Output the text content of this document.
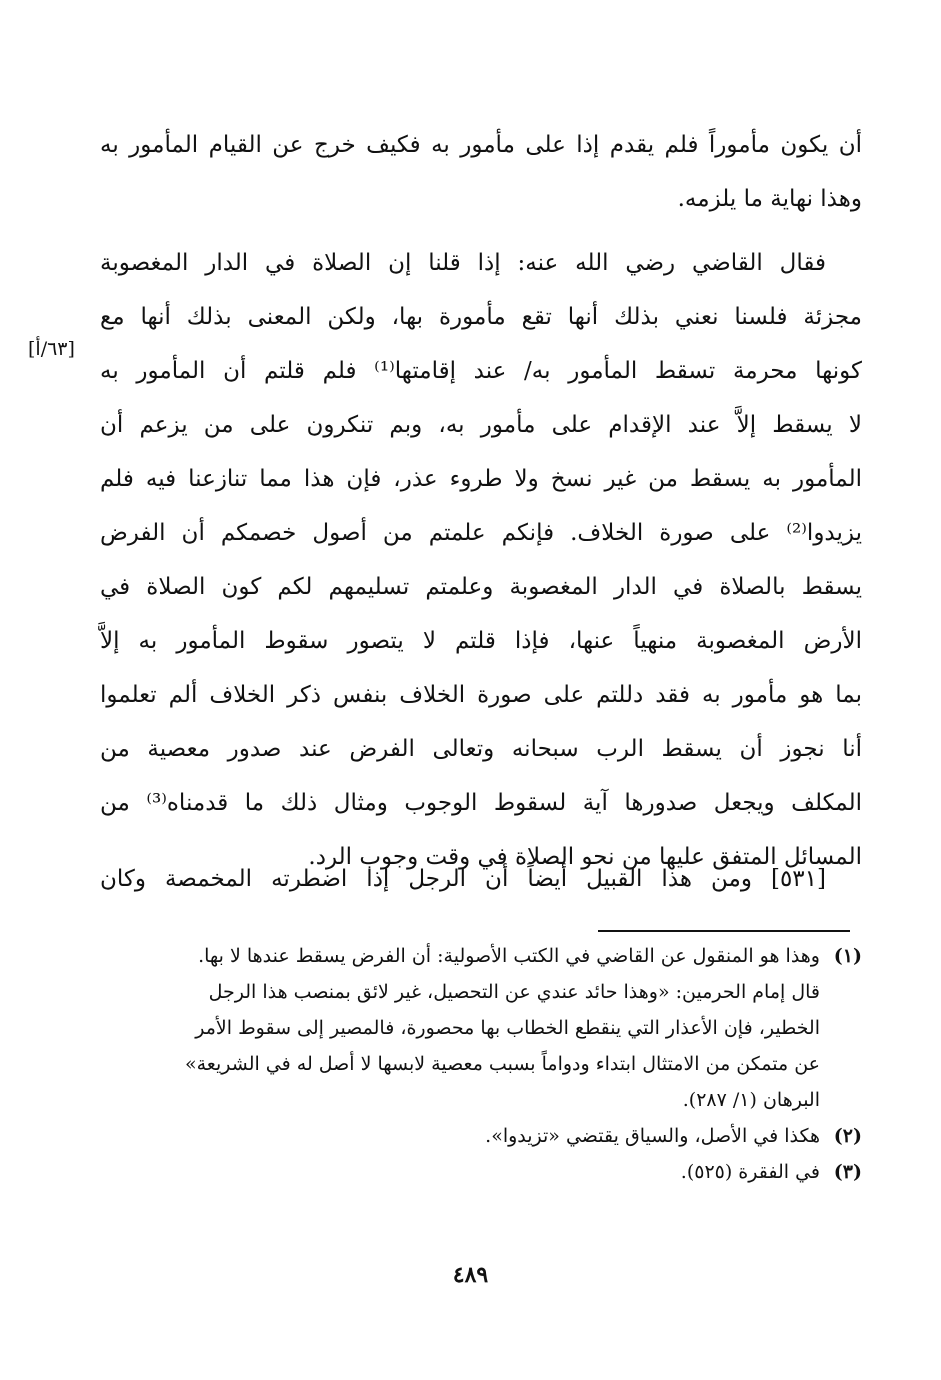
أن يكون مأموراً فلم يقدم إذا على مأمور به فكيف خرج عن القيام المأمور به
وهذا نهاية ما يلزمه.
فقال القاضي رضي الله عنه: إذا قلنا إن الصلاة في الدار المغصوبة
مجزئة فلسنا نعني بذلك أنها تقع مأمورة بها، ولكن المعنى بذلك أنها مع
كونها محرمة تسقط المأمور به/ عند إقامتها⁽¹⁾ فلم قلتم أن المأمور به
لا يسقط إلاَّ عند الإقدام على مأمور به، وبم تنكرون على من يزعم أن
المأمور به يسقط من غير نسخ ولا طروء عذر، فإن هذا مما تنازعنا فيه فلم
يزيدوا⁽²⁾ على صورة الخلاف. فإنكم علمتم من أصول خصمكم أن الفرض
يسقط بالصلاة في الدار المغصوبة وعلمتم تسليمهم لكم كون الصلاة في
الأرض المغصوبة منهياً عنها، فإذا قلتم لا يتصور سقوط المأمور به إلاَّ
بما هو مأمور به فقد دللتم على صورة الخلاف بنفس ذكر الخلاف ألم تعلموا
أنا نجوز أن يسقط الرب سبحانه وتعالى الفرض عند صدور معصية من
المكلف ويجعل صدورها آية لسقوط الوجوب ومثال ذلك ما قدمناه⁽³⁾ من
المسائل المتفق عليها من نحو الصلاة في وقت وجوب الرد.
[٦٣/أ]
[٥٣١] ومن هذا القبيل أيضاً أن الرجل إذا اضطرته المخمصة وكان
(١)
وهذا هو المنقول عن القاضي في الكتب الأصولية: أن الفرض يسقط عندها لا بها.
قال إمام الحرمين: «وهذا حائد عندي عن التحصيل، غير لائق بمنصب هذا الرجل
الخطير، فإن الأعذار التي ينقطع الخطاب بها محصورة، فالمصير إلى سقوط الأمر
عن متمكن من الامتثال ابتداء ودواماً بسبب معصية لابسها لا أصل له في الشريعة»
البرهان (١/ ٢٨٧).
(٢)
هكذا في الأصل، والسياق يقتضي «تزيدوا».
(٣)
في الفقرة (٥٢٥).
٤٨٩
